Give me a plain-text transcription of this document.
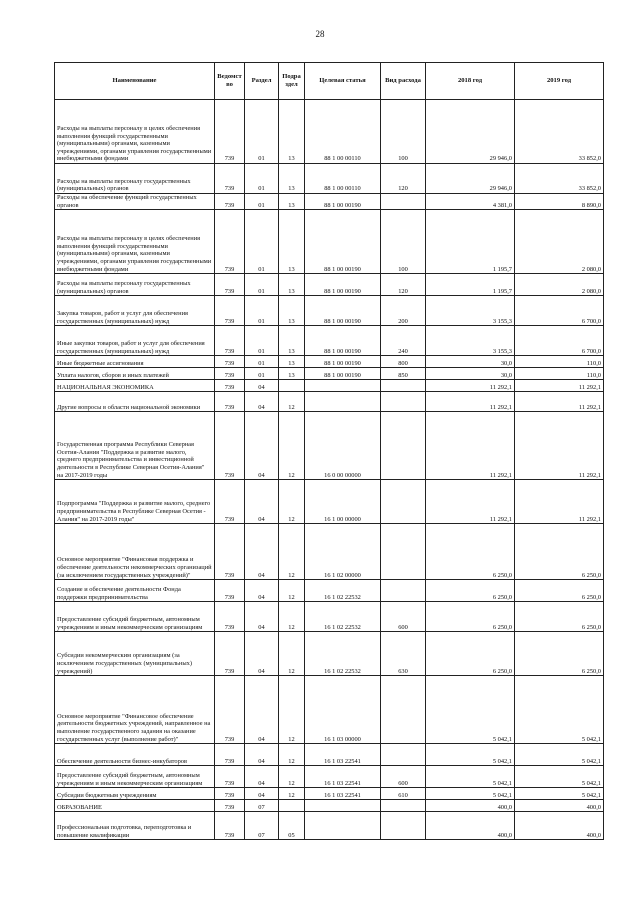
28
Наименование	Ведомст во	Раздел	Подра здел	Целевая статья	Вид расхода	2018 год	2019 год
Расходы на выплаты персоналу в целях обеспечения выполнения функций государственными (муниципальными) органами, казенными учреждениями, органами управления государственными внебюджетными фондами	739	01	13	88 1 00 00110	100	29 946,0	33 852,0
Расходы на выплаты персоналу государственных (муниципальных) органов	739	01	13	88 1 00 00110	120	29 946,0	33 852,0
Расходы на обеспечение функций государственных органов	739	01	13	88 1 00 00190		4 381,0	8 890,0
Расходы на выплаты персоналу в целях обеспечения выполнения функций государственными (муниципальными) органами, казенными учреждениями, органами управления государственными внебюджетными фондами	739	01	13	88 1 00 00190	100	1 195,7	2 080,0
Расходы на выплаты персоналу государственных (муниципальных) органов	739	01	13	88 1 00 00190	120	1 195,7	2 080,0
Закупка товаров, работ и услуг для обеспечения государственных (муниципальных) нужд	739	01	13	88 1 00 00190	200	3 155,3	6 700,0
Иные закупки товаров, работ и услуг для обеспечения государственных (муниципальных) нужд	739	01	13	88 1 00 00190	240	3 155,3	6 700,0
Иные бюджетные ассигнования	739	01	13	88 1 00 00190	800	30,0	110,0
Уплата налогов, сборов и иных платежей	739	01	13	88 1 00 00190	850	30,0	110,0
НАЦИОНАЛЬНАЯ ЭКОНОМИКА	739	04				11 292,1	11 292,1
Другие вопросы в области национальной экономики	739	04	12			11 292,1	11 292,1
Государственная программа Республики Северная Осетия-Алания "Поддержка и развитие малого, среднего предпринимательства и инвестиционной деятельности в Республике Северная Осетия-Алания" на 2017-2019 годы	739	04	12	16 0 00 00000		11 292,1	11 292,1
Подпрограмма "Поддержка и развитие малого, среднего предпринимательства в Республике Северная Осетия - Алания" на 2017-2019 годы"	739	04	12	16 1 00 00000		11 292,1	11 292,1
Основное мероприятие "Финансовая поддержка и обеспечение деятельности некоммерческих организаций (за исключением государственных учреждений)"	739	04	12	16 1 02 00000		6 250,0	6 250,0
Создание и обеспечение деятельности Фонда поддержки предпринимательства	739	04	12	16 1 02 22532		6 250,0	6 250,0
Предоставление субсидий бюджетным, автономным учреждениям и иным некоммерческим организациям	739	04	12	16 1 02 22532	600	6 250,0	6 250,0
Субсидии некоммерческим организациям (за исключением государственных (муниципальных) учреждений)	739	04	12	16 1 02 22532	630	6 250,0	6 250,0
Основное мероприятие "Финансовое обеспечение деятельности бюджетных учреждений, направленное на выполнение государственного задания на оказание государственных услуг (выполнение работ)"	739	04	12	16 1 03 00000		5 042,1	5 042,1
Обеспечение деятельности бизнес-инкубаторов	739	04	12	16 1 03 22541		5 042,1	5 042,1
Предоставление субсидий бюджетным, автономным учреждениям и иным некоммерческим организациям	739	04	12	16 1 03 22541	600	5 042,1	5 042,1
Субсидии бюджетным учреждениям	739	04	12	16 1 03 22541	610	5 042,1	5 042,1
ОБРАЗОВАНИЕ	739	07				400,0	400,0
Профессиональная подготовка, переподготовка и повышение квалификации	739	07	05			400,0	400,0
